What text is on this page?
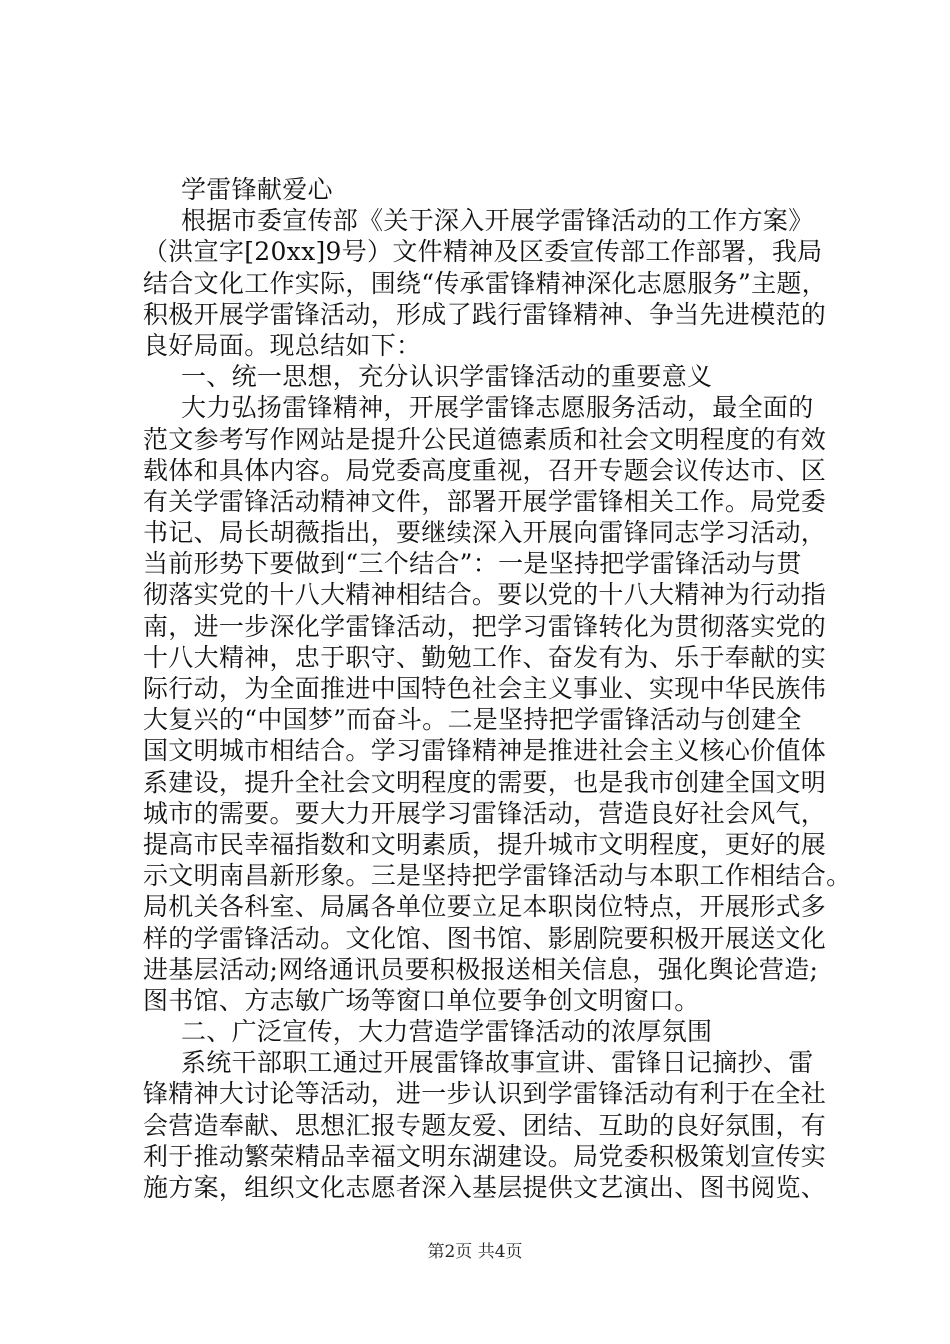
学雷锋献爱心
根据市委宣传部《关于深入开展学雷锋活动的工作方案》
（洪宣字[20xx]9号）文件精神及区委宣传部工作部署，我局
结合文化工作实际，围绕“传承雷锋精神深化志愿服务”主题，
积极开展学雷锋活动，形成了践行雷锋精神、争当先进模范的
良好局面。现总结如下：
一、统一思想，充分认识学雷锋活动的重要意义
大力弘扬雷锋精神，开展学雷锋志愿服务活动，最全面的
范文参考写作网站是提升公民道德素质和社会文明程度的有效
载体和具体内容。局党委高度重视，召开专题会议传达市、区
有关学雷锋活动精神文件，部署开展学雷锋相关工作。局党委
书记、局长胡薇指出，要继续深入开展向雷锋同志学习活动，
当前形势下要做到“三个结合”：一是坚持把学雷锋活动与贯
彻落实党的十八大精神相结合。要以党的十八大精神为行动指
南，进一步深化学雷锋活动，把学习雷锋转化为贯彻落实党的
十八大精神，忠于职守、勤勉工作、奋发有为、乐于奉献的实
际行动，为全面推进中国特色社会主义事业、实现中华民族伟
大复兴的“中国梦”而奋斗。二是坚持把学雷锋活动与创建全
国文明城市相结合。学习雷锋精神是推进社会主义核心价值体
系建设，提升全社会文明程度的需要，也是我市创建全国文明
城市的需要。要大力开展学习雷锋活动，营造良好社会风气，
提高市民幸福指数和文明素质，提升城市文明程度，更好的展
示文明南昌新形象。三是坚持把学雷锋活动与本职工作相结合。
局机关各科室、局属各单位要立足本职岗位特点，开展形式多
样的学雷锋活动。文化馆、图书馆、影剧院要积极开展送文化
进基层活动;网络通讯员要积极报送相关信息，强化舆论营造;
图书馆、方志敏广场等窗口单位要争创文明窗口。
二、广泛宣传，大力营造学雷锋活动的浓厚氛围
系统干部职工通过开展雷锋故事宣讲、雷锋日记摘抄、雷
锋精神大讨论等活动，进一步认识到学雷锋活动有利于在全社
会营造奉献、思想汇报专题友爱、团结、互助的良好氛围，有
利于推动繁荣精品幸福文明东湖建设。局党委积极策划宣传实
施方案，组织文化志愿者深入基层提供文艺演出、图书阅览、
第2页 共4页
